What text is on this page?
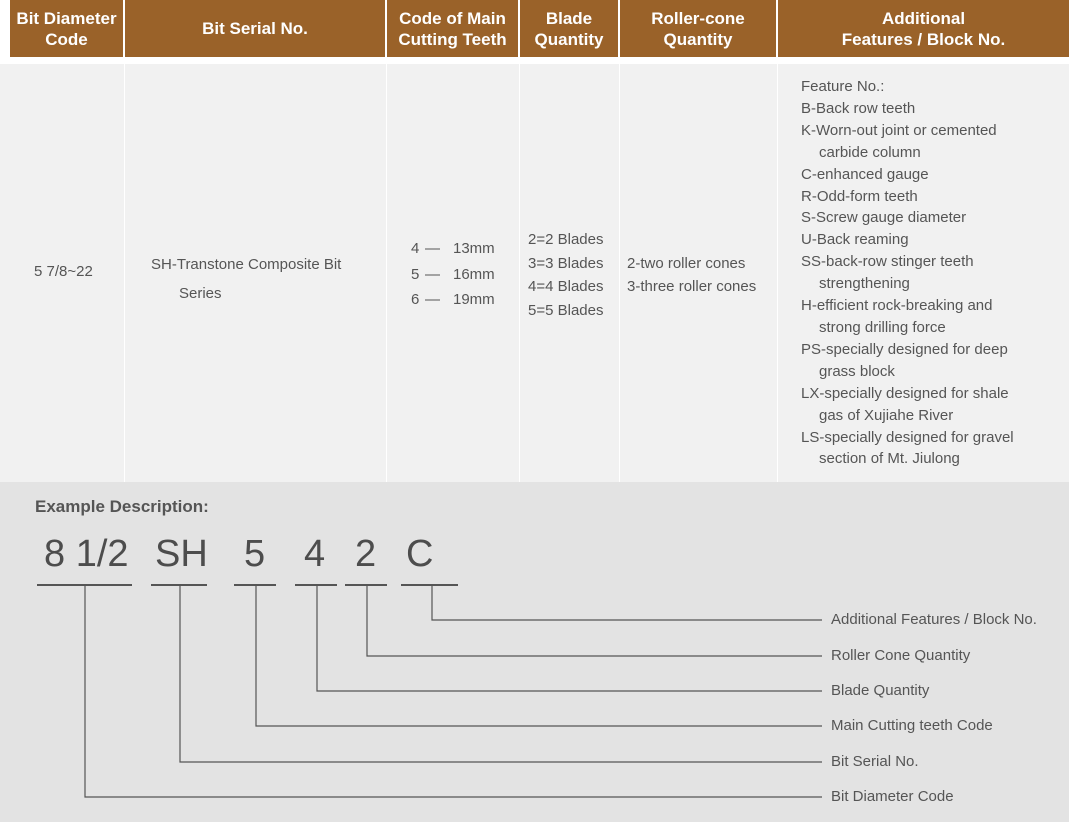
Bit Diameter
Code
Bit Serial No.
Code of Main
Cutting Teeth
Blade
Quantity
Roller-cone
Quantity
Additional
Features / Block No.
5 7/8~22	SH-Transtone Composite Bit
Series
4 — 13mm
5 — 16mm
6 — 19mm
2=2 Blades
3=3 Blades
4=4 Blades
5=5 Blades
2-two roller cones
3-three roller cones
Feature No.:
B-Back row teeth
K-Worn-out joint or cemented
carbide column
C-enhanced gauge
R-Odd-form teeth
S-Screw gauge diameter
U-Back reaming
SS-back-row stinger teeth
strengthening
H-efficient rock-breaking and
strong drilling force
PS-specially designed for deep
grass block
LX-specially designed for shale
gas of Xujiahe River
LS-specially designed for gravel
section of Mt. Jiulong
Example Description:
8 1/2 SH 5 4 2 C
Additional Features / Block No.
Roller Cone Quantity
Blade Quantity
Main Cutting teeth Code
Bit Serial No.
Bit Diameter Code
